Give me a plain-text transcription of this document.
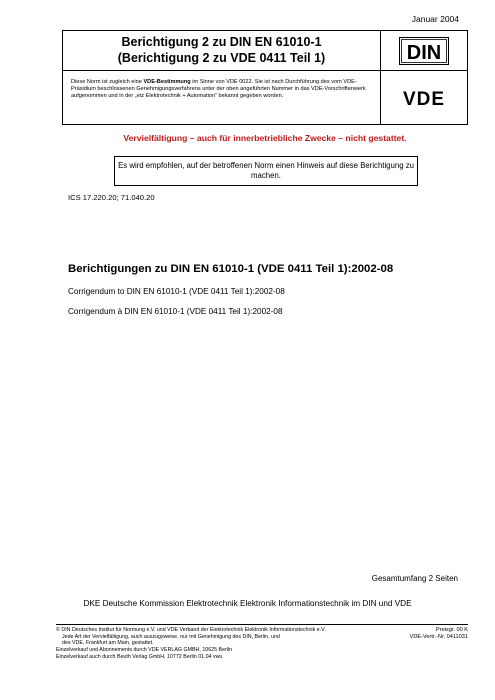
Januar 2004
Berichtigung 2 zu DIN EN 61010-1
(Berichtigung 2 zu VDE 0411 Teil 1)	DIN
Diese Norm ist zugleich eine VDE-Bestimmung im Sinne von VDE 0022. Sie ist nach Durchführung des vom VDE-Präsidium beschlossenen Genehmigungsverfahrens unter der oben angeführten Nummer in das VDE-Vorschriftenwerk aufgenommen und in der „etz Elektrotechnik + Automation“ bekannt gegeben worden.	VDE
Vervielfältigung – auch für innerbetriebliche Zwecke – nicht gestattet.
Es wird empfohlen, auf der betroffenen Norm einen Hinweis auf diese Berichtigung zu machen.
ICS 17.220.20; 71.040.20
Berichtigungen zu DIN EN 61010-1 (VDE 0411 Teil 1):2002-08
Corrigendum to DIN EN 61010-1 (VDE 0411 Teil 1):2002-08
Corrigendum à DIN EN 61010-1 (VDE 0411 Teil 1):2002-08
Gesamtumfang 2 Seiten
DKE Deutsche Kommission Elektrotechnik Elektronik Informationstechnik im DIN und VDE
© DIN Deutsches Institut für Normung e.V. und VDE Verband der Elektrotechnik Elektronik Informationstechnik e.V.
Jede Art der Vervielfältigung, auch auszugsweise, nur mit Genehmigung des DIN, Berlin, und
des VDE, Frankfurt am Main, gestattet.
Einzelverkauf und Abonnements durch VDE VERLAG GMBH, 10625 Berlin
Einzelverkauf auch durch Beuth Verlag GmbH, 10772 Berlin 01.04 vwu
Preisgr. 00 K
VDE-Vertr.-Nr. 0411031
